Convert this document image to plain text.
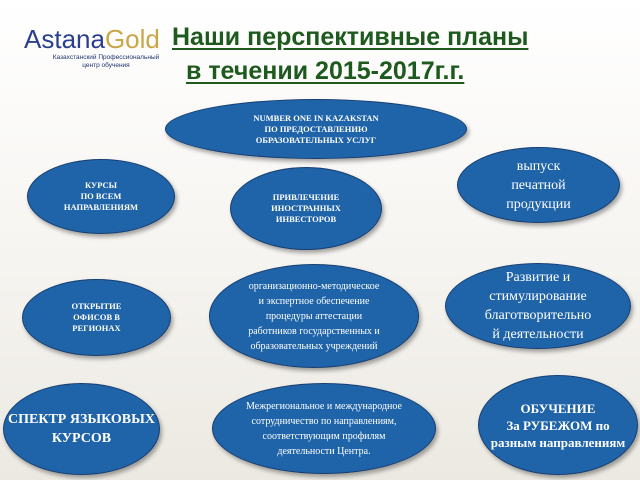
AstanaGold
Казахстанский Профессиональный
центр обучения
Наши перспективные планы
в течении 2015-2017г.г.
NUMBER ONE IN KAZAKSTAN
ПО ПРЕДОСТАВЛЕНИЮ
ОБРАЗОВАТЕЛЬНЫХ УСЛУГ
КУРСЫ
ПО ВСЕМ
НАПРАВЛЕНИЯМ
ПРИВЛЕЧЕНИЕ
ИНОСТРАННЫХ
ИНВЕСТОРОВ
выпуск
печатной
продукции
ОТКРЫТИЕ
ОФИСОВ В
РЕГИОНАХ
организационно-методическое
и экспертное обеспечение
процедуры аттестации
работников государственных и
образовательных учреждений
Развитие и
стимулирование
благотворительно
й деятельности
СПЕКТР ЯЗЫКОВЫХ
КУРСОВ
Межрегиональное и международное
сотрудничество по направлениям,
соответствующим профилям
деятельности Центра.
ОБУЧЕНИЕ
За РУБЕЖОМ по
разным направлениям
